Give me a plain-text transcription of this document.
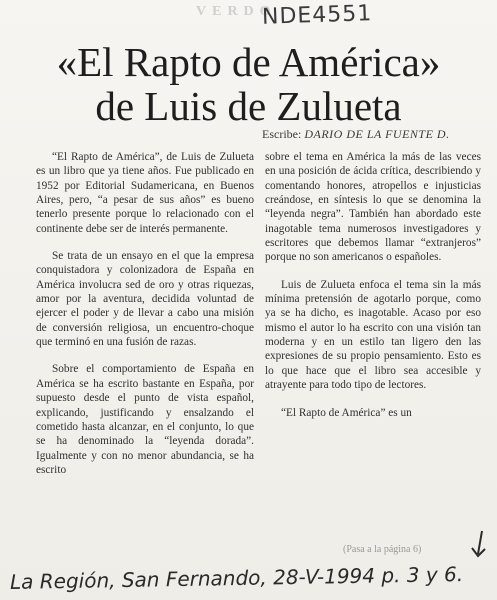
VERDO
NDE4551
«El Rapto de América»
de Luis de Zulueta
Escribe: DARIO DE LA FUENTE D.

“El Rapto de América”, de Luis de Zulueta es un libro que ya tiene años. Fue publicado en 1952 por Editorial Sudamericana, en Buenos Aires, pero, “a pesar de sus años” es bueno tenerlo presente porque lo relacionado con el continente debe ser de interés permanente.

Se trata de un ensayo en el que la empresa conquistadora y colonizadora de España en América involucra sed de oro y otras riquezas, amor por la aventura, decidida voluntad de ejercer el poder y de llevar a cabo una misión de conversión religiosa, un encuentro-choque que terminó en una fusión de razas.

Sobre el comportamiento de España en América se ha escrito bastante en España, por supuesto desde el punto de vista español, explicando, justificando y ensalzando el cometido hasta alcanzar, en el conjunto, lo que se ha denominado la “leyenda dorada”. Igualmente y con no menor abundancia, se ha escrito

sobre el tema en América la más de las veces en una posición de ácida crítica, describiendo y comentando honores, atropellos e injusticias creándose, en síntesis lo que se denomina la “leyenda negra”. También han abordado este inagotable tema numerosos investigadores y escritores que debemos llamar “extranjeros” porque no son americanos o españoles.

Luis de Zulueta enfoca el tema sin la más mínima pretensión de agotarlo porque, como ya se ha dicho, es inagotable. Acaso por eso mismo el autor lo ha escrito con una visión tan moderna y en un estilo tan ligero den las expresiones de su propio pensamiento. Esto es lo que hace que el libro sea accesible y atrayente para todo tipo de lectores.

“El Rapto de América” es un

(Pasa a la página 6)
La Región, San Fernando, 28-V-1994 p. 3 y 6.
